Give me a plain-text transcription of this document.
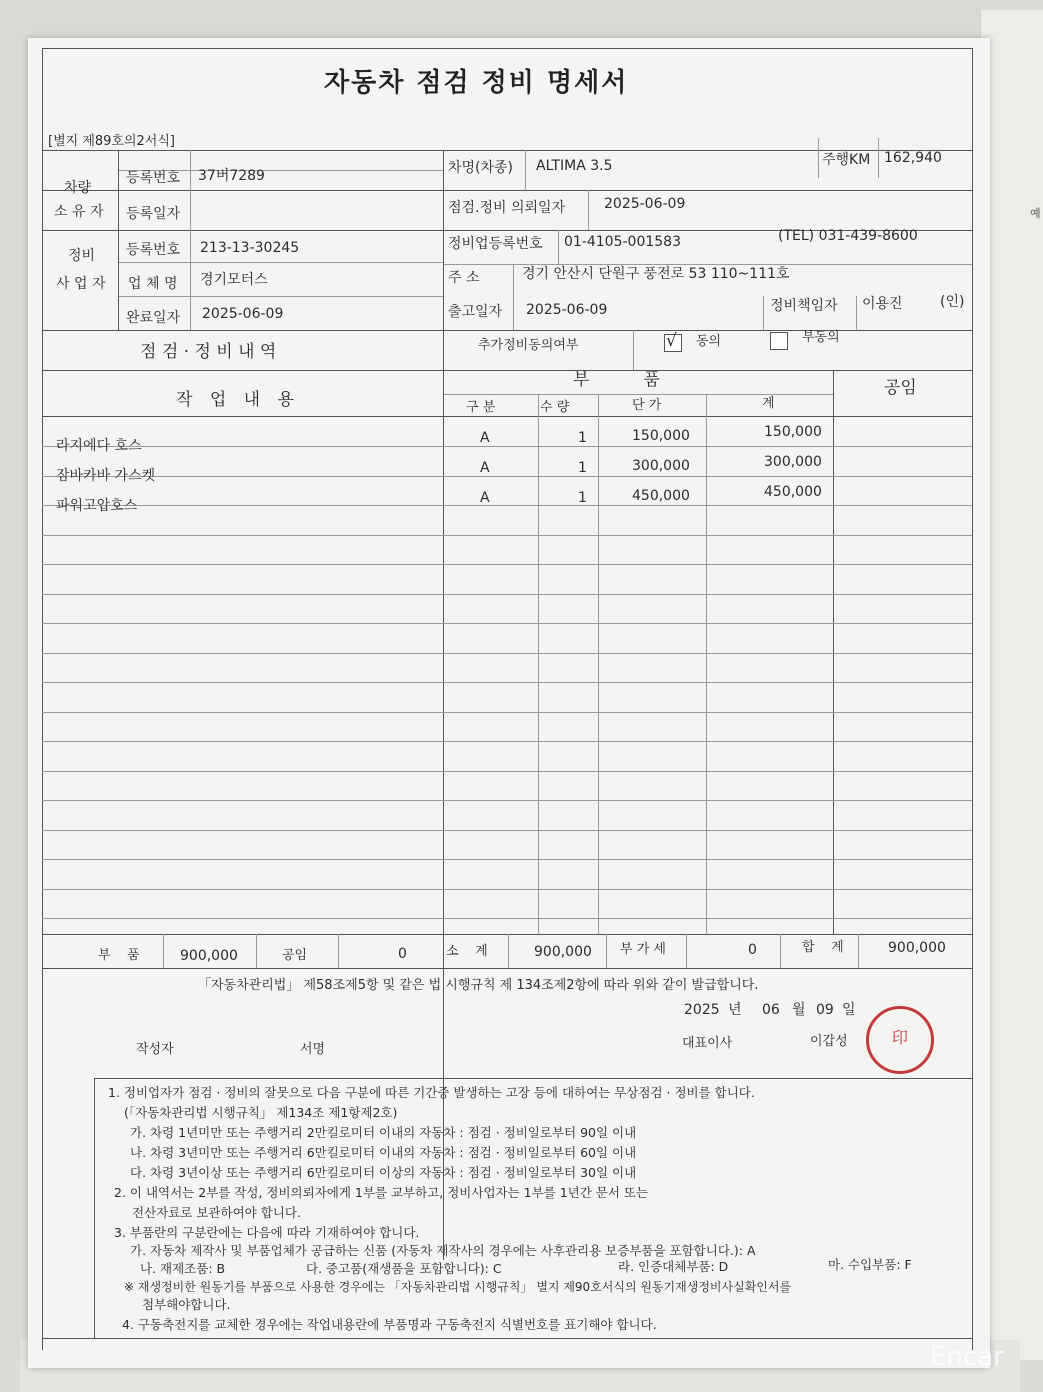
예
자동차 점검 정비 명세서
[별지 제89호의2서식]
차량
소 유 자
등록번호 37버7289
등록일자
차명(차종) ALTIMA 3.5	주행KM 162,940
점검.정비 의뢰일자	2025-06-09
정비
사 업 자
등록번호 213-13-30245
업 체 명 경기모터스
완료일자 2025-06-09
정비업등록번호 01-4105-001583	(TEL) 031-439-8600
주 소	경기 안산시 단원구 풍전로 53 110~111호
출고일자 2025-06-09	정비책임자 이용진	(인)
점 검 · 정 비 내 역	추가정비동의여부	√ 동의	부동의
작 업 내 용
부          품	공임
구 분	수 량	단 가	계
라지에다 호스	A	1	150,000	150,000
잠바카바 가스켓	A	1	300,000	300,000
파워고압호스	A	1	450,000	450,000
부    품	900,000	공임	0	소    계	900,000 부 가 세	0	합    계	900,000
「자동차관리법」 제58조제5항 및 같은 법 시행규칙 제 134조제2항에 따라 위와 같이 발급합니다.
2025 년 06 월 09 일
작성자	서명	대표이사	이갑성	印
1. 정비업자가 점검 · 정비의 잘못으로 다음 구분에 따른 기간중 발생하는 고장 등에 대하여는 무상점검 · 정비를 합니다.
(「자동차관리법 시행규칙」 제134조 제1항제2호)
가. 차령 1년미만 또는 주행거리 2만킬로미터 이내의 자동차 : 점검 · 정비일로부터 90일 이내
나. 차령 3년미만 또는 주행거리 6만킬로미터 이내의 자동차 : 점검 · 정비일로부터 60일 이내
다. 차령 3년이상 또는 주행거리 6만킬로미터 이상의 자동차 : 점검 · 정비일로부터 30일 이내
2. 이 내역서는 2부를 작성, 정비의뢰자에게 1부를 교부하고, 정비사업자는 1부를 1년간 문서 또는
전산자료로 보관하여야 합니다.
3. 부품란의 구분란에는 다음에 따라 기재하여야 합니다.
가. 자동차 제작사 및 부품업체가 공급하는 신품 (자동차 제작사의 경우에는 사후관리용 보증부품을 포함합니다.): A
나. 재제조품: B	다. 중고품(재생품을 포함합니다): C	라. 인증대체부품: D	마. 수입부품: F
※ 재생정비한 원동기를 부품으로 사용한 경우에는 「자동차관리법 시행규칙」 별지 제90호서식의 원동기재생정비사실확인서를
첨부해야합니다.
4. 구동축전지를 교체한 경우에는 작업내용란에 부품명과 구동축전지 식별번호를 표기해야 합니다.
Encar
